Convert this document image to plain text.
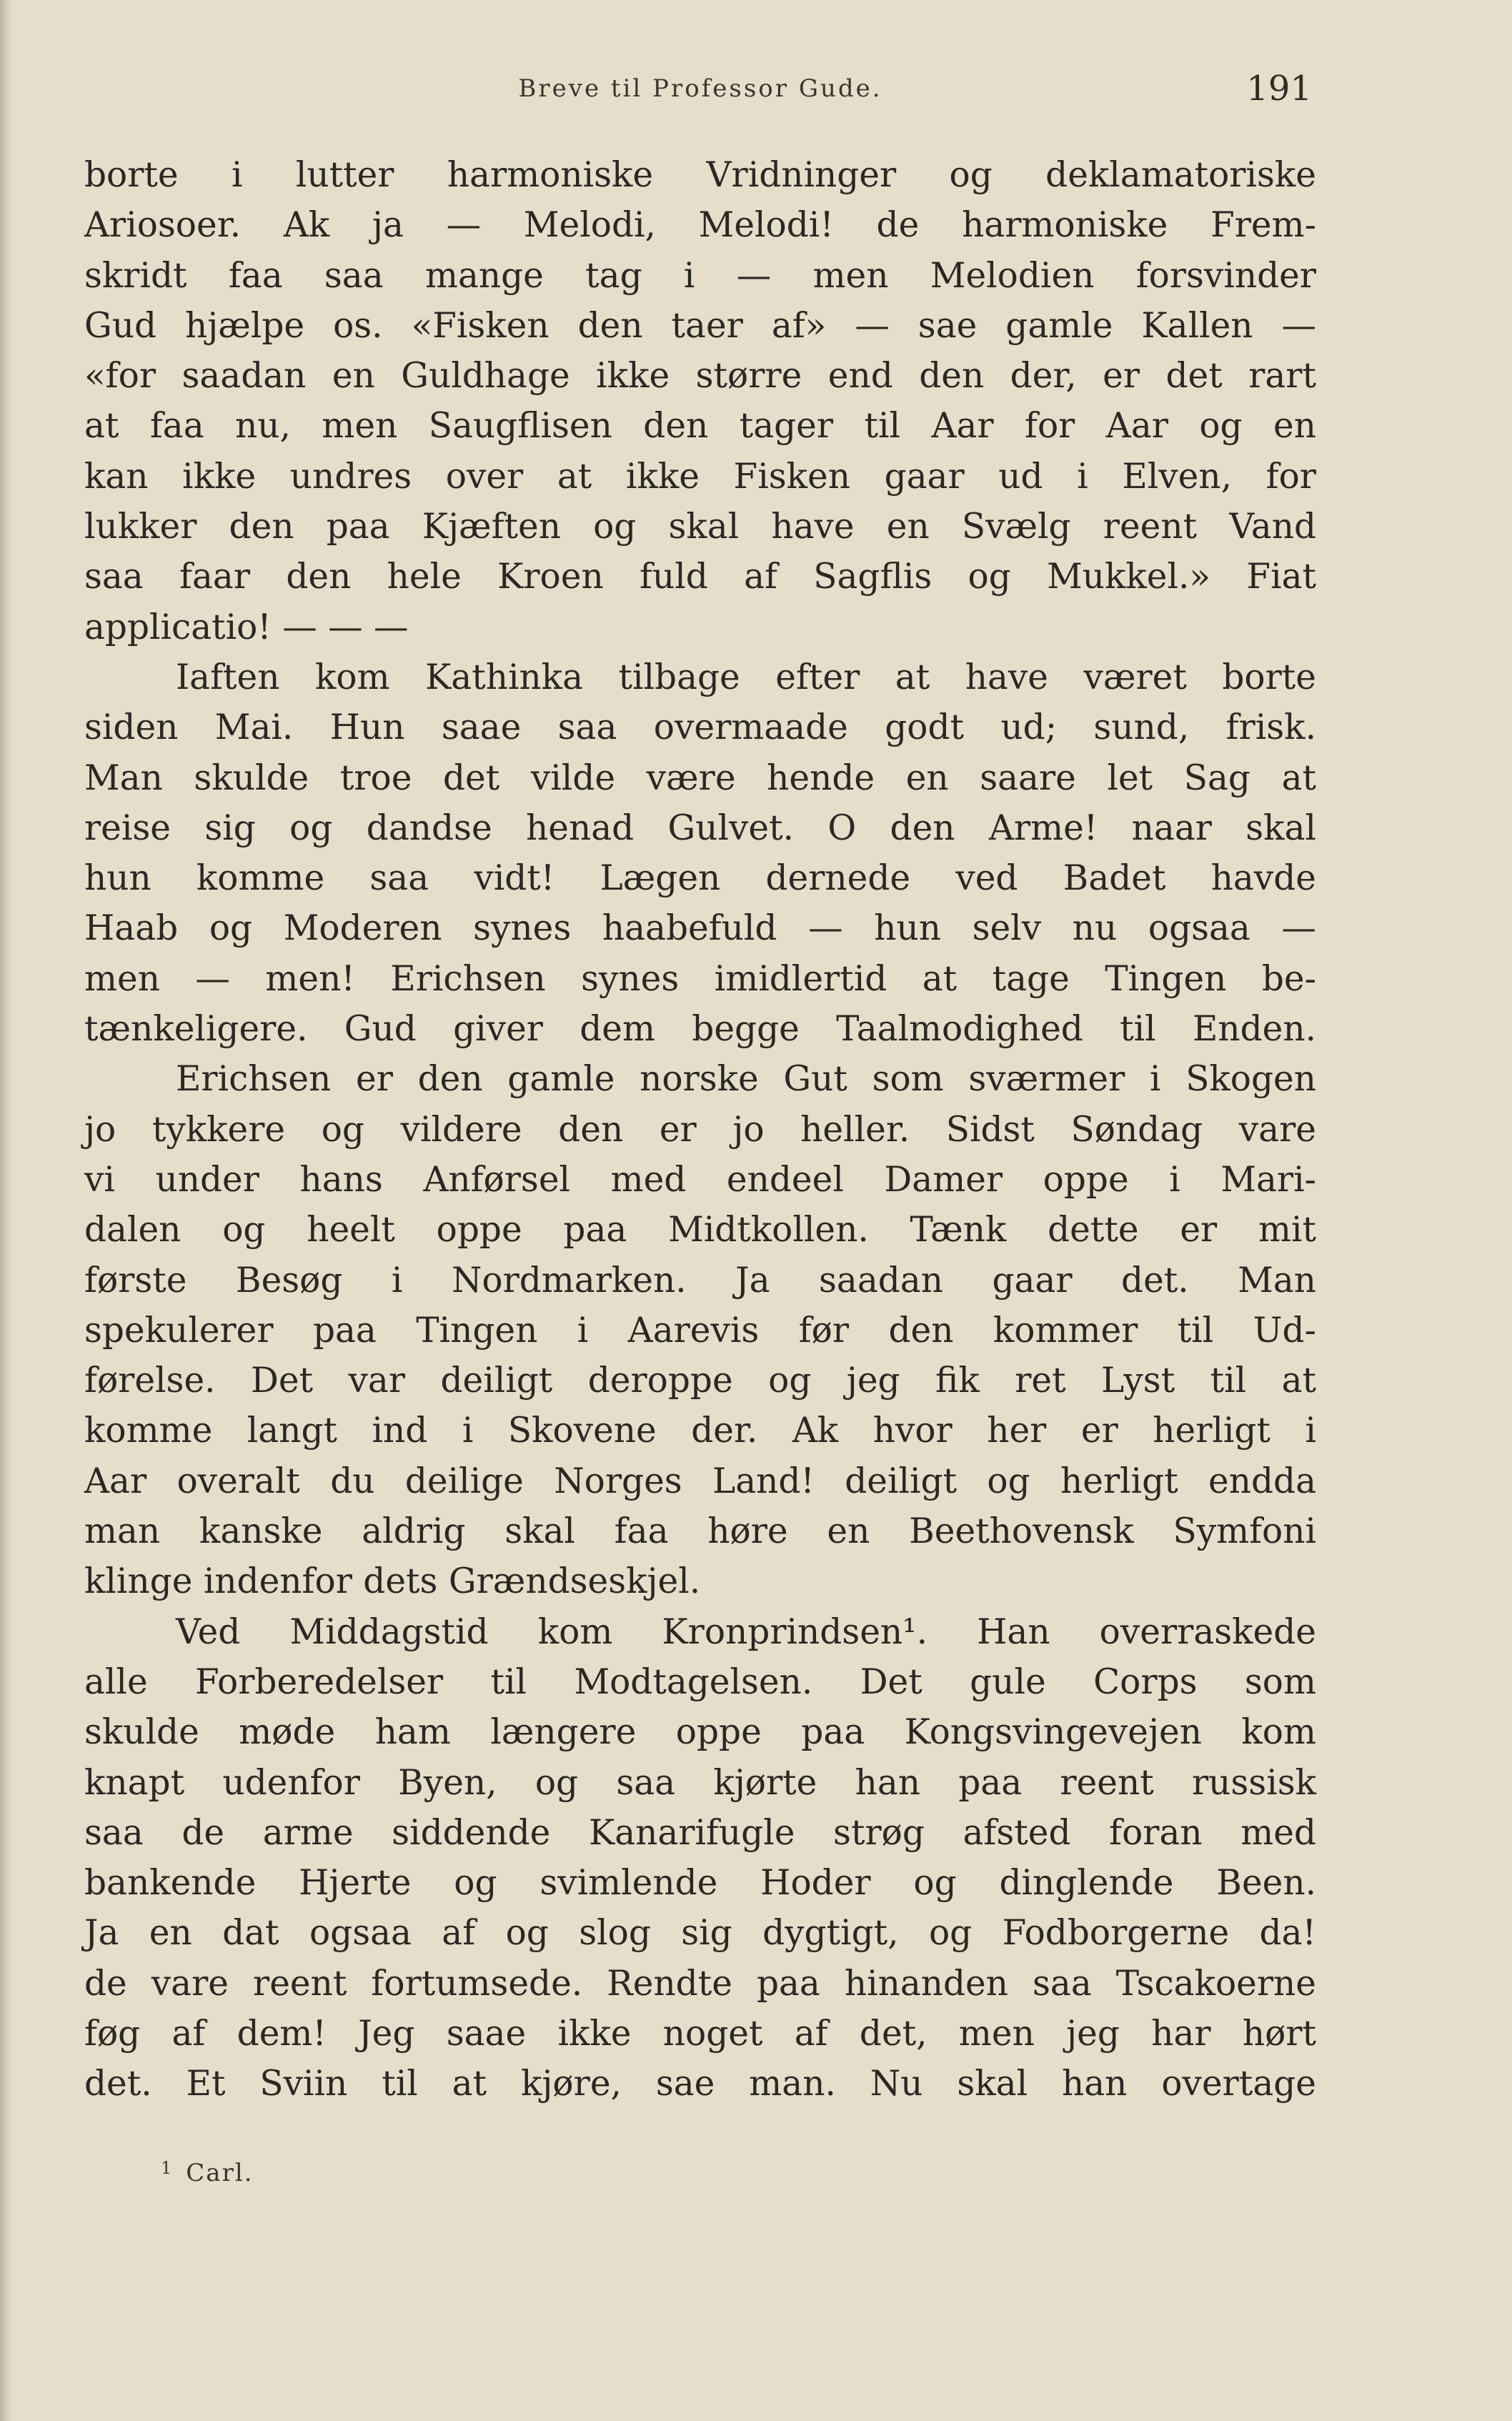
Breve til Professor Gude.	191
borte i lutter harmoniske Vridninger og deklamatoriske
Ariosoer. Ak ja — Melodi, Melodi! de harmoniske Frem-
skridt faa saa mange tag i — men Melodien forsvinder
Gud hjælpe os. «Fisken den taer af» — sae gamle Kallen —
«for saadan en Guldhage ikke større end den der, er det rart
at faa nu, men Saugflisen den tager til Aar for Aar og en
kan ikke undres over at ikke Fisken gaar ud i Elven, for
lukker den paa Kjæften og skal have en Svælg reent Vand
saa faar den hele Kroen fuld af Sagflis og Mukkel.» Fiat
applicatio! — — —
Iaften kom Kathinka tilbage efter at have været borte
siden Mai. Hun saae saa overmaade godt ud; sund, frisk.
Man skulde troe det vilde være hende en saare let Sag at
reise sig og dandse henad Gulvet. O den Arme! naar skal
hun komme saa vidt! Lægen dernede ved Badet havde
Haab og Moderen synes haabefuld — hun selv nu ogsaa —
men — men! Erichsen synes imidlertid at tage Tingen be-
tænkeligere. Gud giver dem begge Taalmodighed til Enden.
Erichsen er den gamle norske Gut som sværmer i Skogen
jo tykkere og vildere den er jo heller. Sidst Søndag vare
vi under hans Anførsel med endeel Damer oppe i Mari-
dalen og heelt oppe paa Midtkollen. Tænk dette er mit
første Besøg i Nordmarken. Ja saadan gaar det. Man
spekulerer paa Tingen i Aarevis før den kommer til Ud-
førelse. Det var deiligt deroppe og jeg fik ret Lyst til at
komme langt ind i Skovene der. Ak hvor her er herligt i
Aar overalt du deilige Norges Land! deiligt og herligt endda
man kanske aldrig skal faa høre en Beethovensk Symfoni
klinge indenfor dets Grændseskjel.
Ved Middagstid kom Kronprindsen¹. Han overraskede
alle Forberedelser til Modtagelsen. Det gule Corps som
skulde møde ham længere oppe paa Kongsvingevejen kom
knapt udenfor Byen, og saa kjørte han paa reent russisk
saa de arme siddende Kanarifugle strøg afsted foran med
bankende Hjerte og svimlende Hoder og dinglende Been.
Ja en dat ogsaa af og slog sig dygtigt, og Fodborgerne da!
de vare reent fortumsede. Rendte paa hinanden saa Tscakoerne
føg af dem! Jeg saae ikke noget af det, men jeg har hørt
det. Et Sviin til at kjøre, sae man. Nu skal han overtage
$^1$ Carl.
